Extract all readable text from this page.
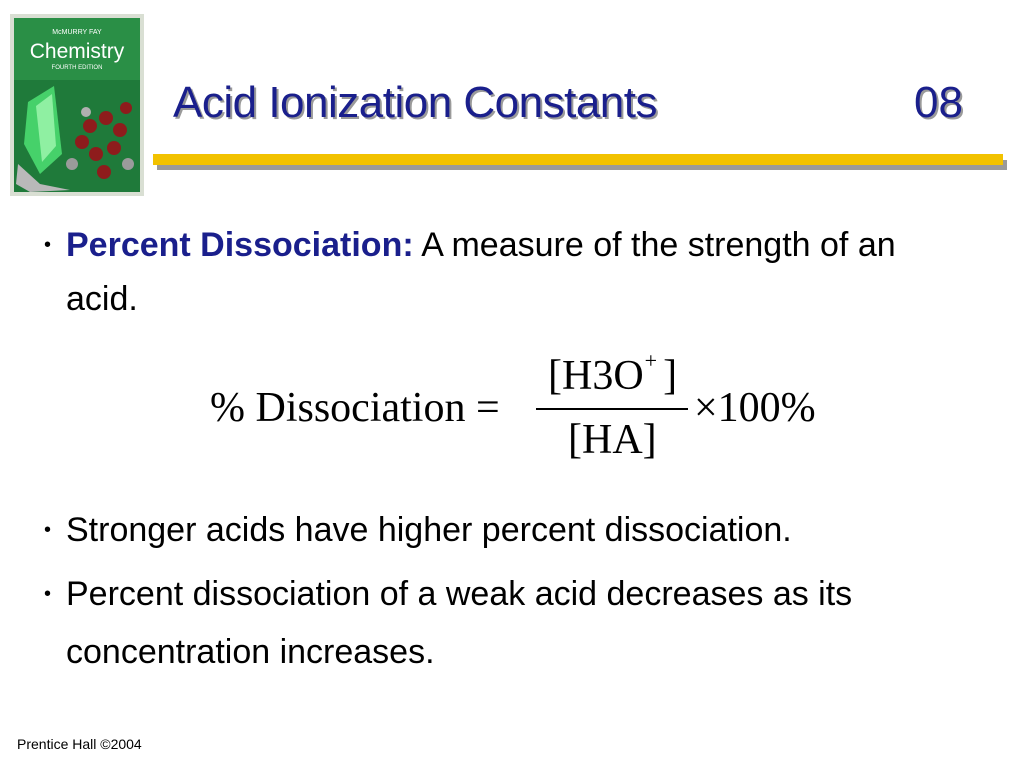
McMURRY FAY
Chemistry
FOURTH EDITION
Acid Ionization Constants	08
• Percent Dissociation: A measure of the strength of an acid.
% Dissociation =
[H3O+ ]
[HA]
×100%
• Stronger acids have higher percent dissociation.
• Percent dissociation of a weak acid decreases as its concentration increases.
Prentice Hall ©2004
